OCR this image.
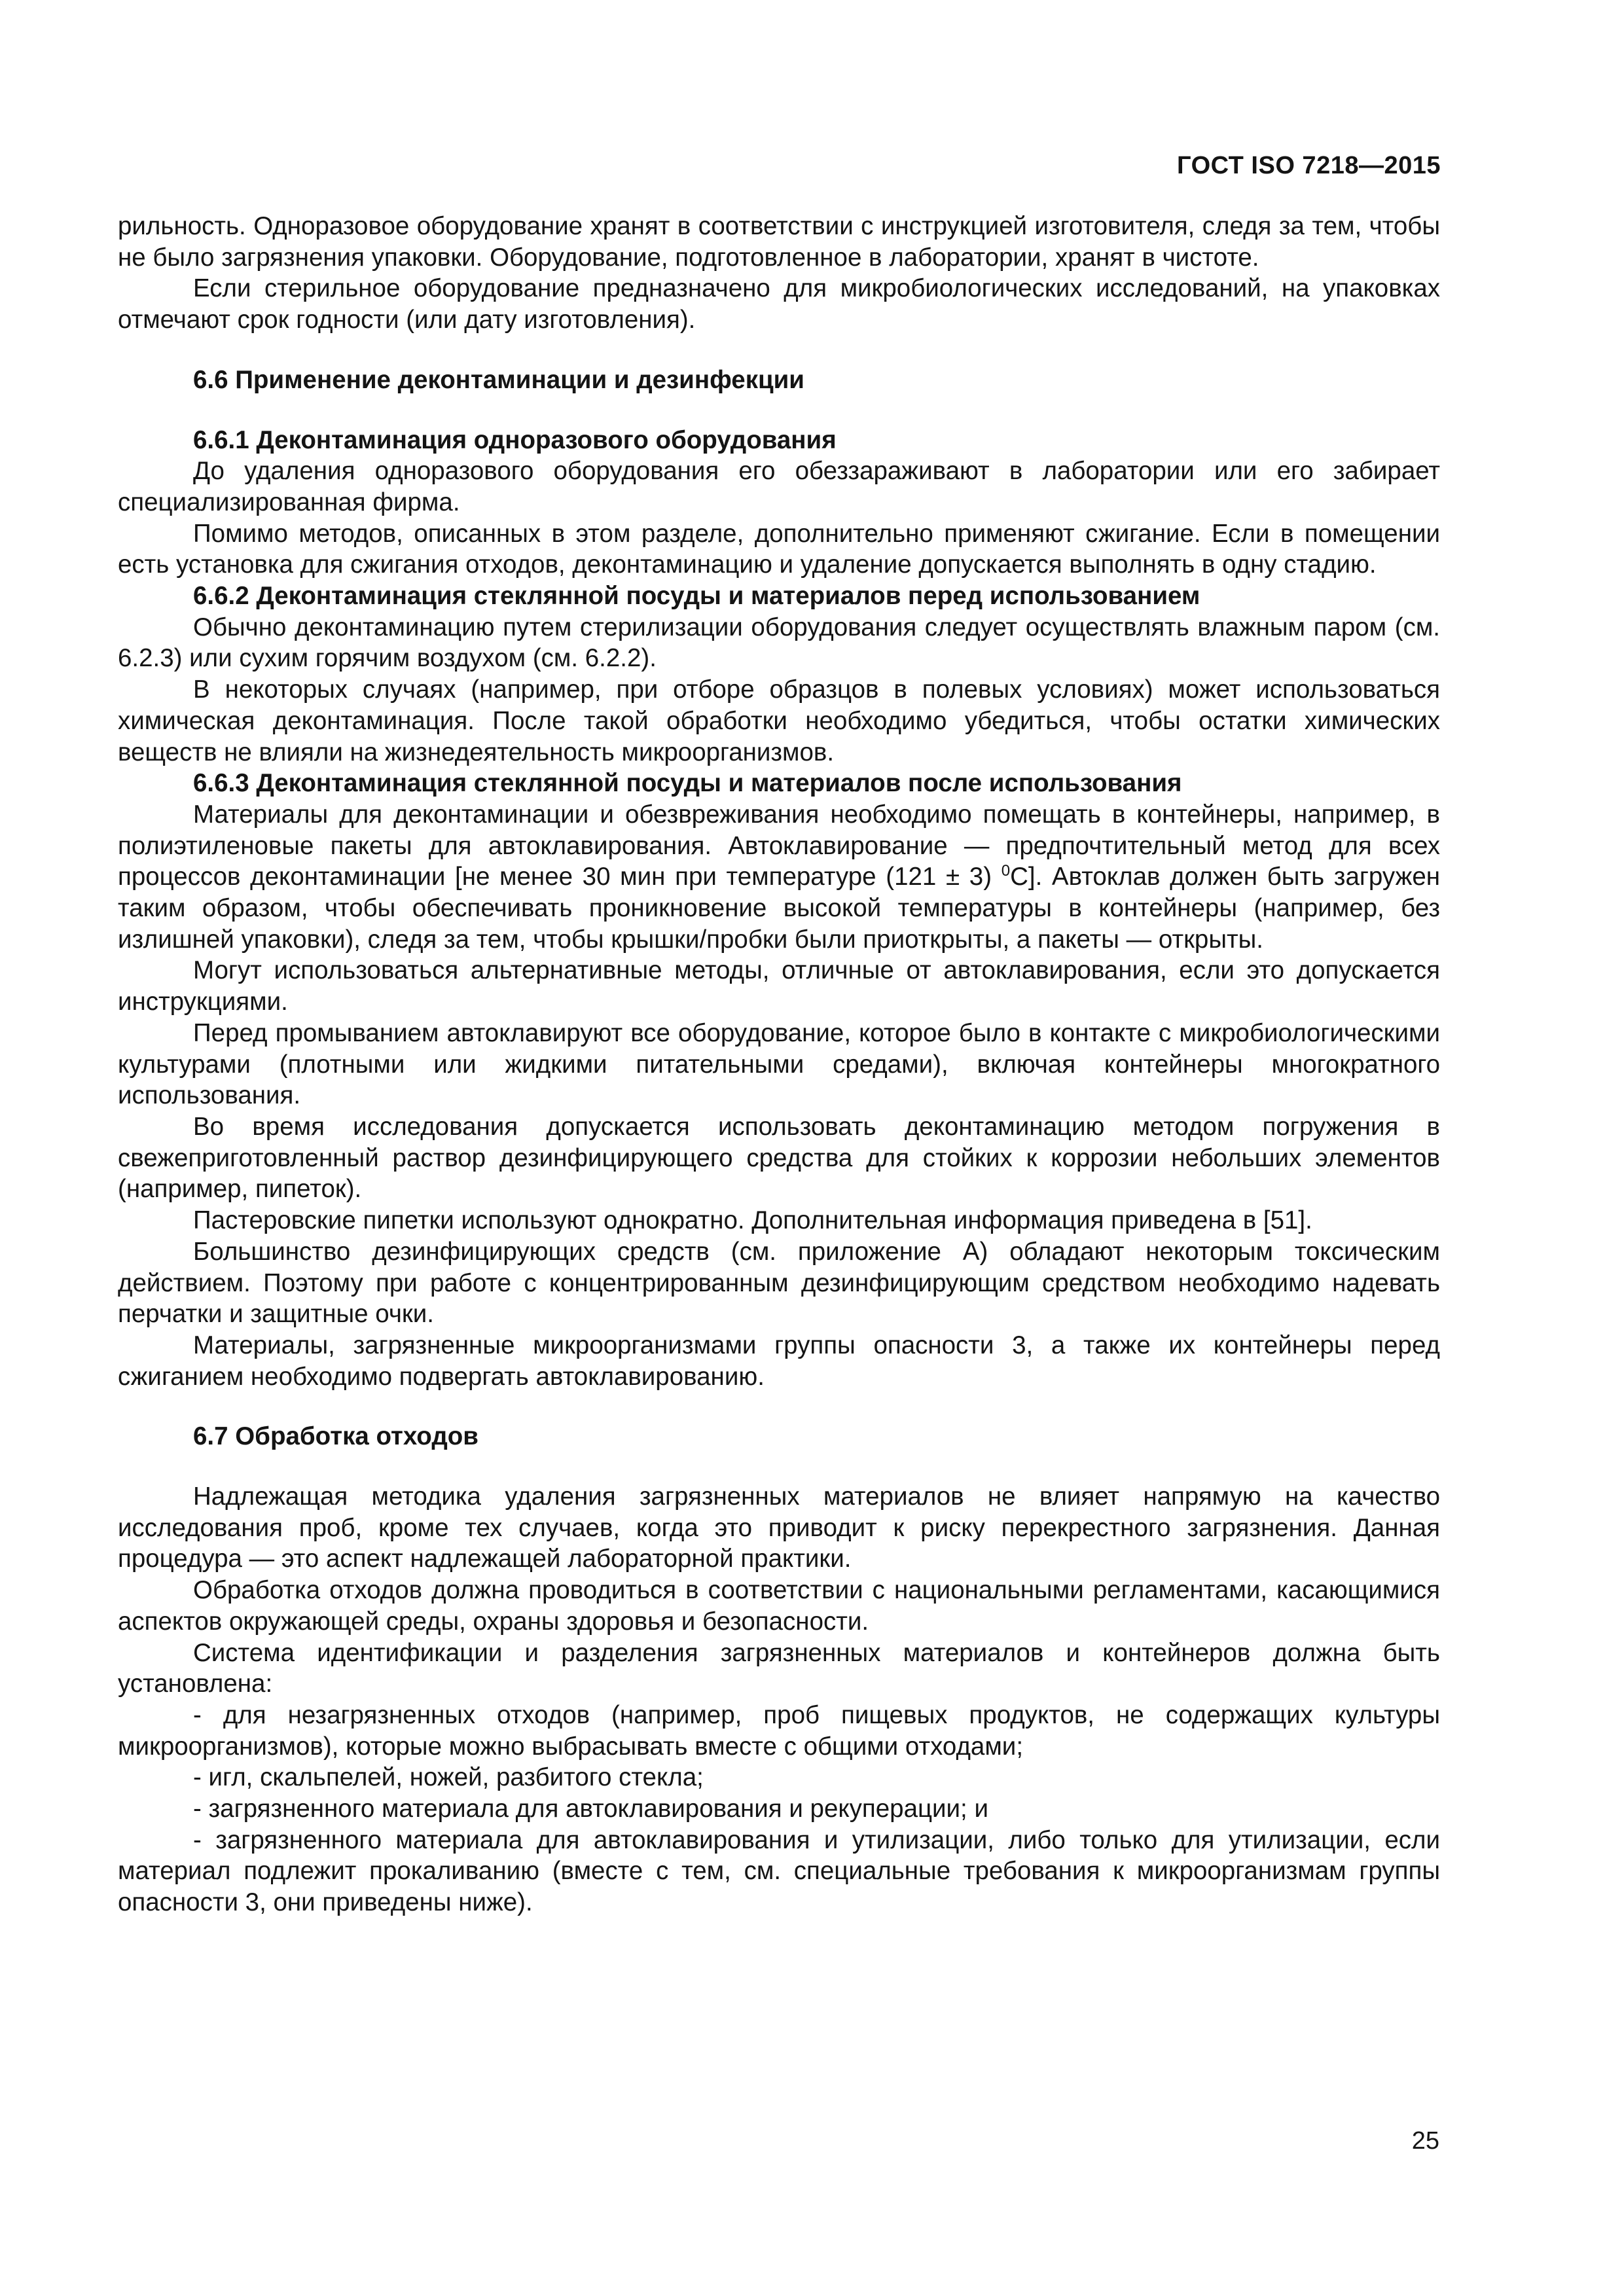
ГОСТ ISO 7218—2015

рильность. Одноразовое оборудование хранят в соответствии с инструкцией изготовителя, следя за тем, чтобы не было загрязнения упаковки. Оборудование, подготовленное в лаборатории, хранят в чистоте.

Если стерильное оборудование предназначено для микробиологических исследований, на упаковках отмечают срок годности (или дату изготовления).

6.6 Применение деконтаминации и дезинфекции

6.6.1 Деконтаминация одноразового оборудования

До удаления одноразового оборудования его обеззараживают в лаборатории или его забирает специализированная фирма.

Помимо методов, описанных в этом разделе, дополнительно применяют сжигание. Если в помещении есть установка для сжигания отходов, деконтаминацию и удаление допускается выполнять в одну стадию.

6.6.2 Деконтаминация стеклянной посуды и материалов перед использованием

Обычно деконтаминацию путем стерилизации оборудования следует осуществлять влажным паром (см. 6.2.3) или сухим горячим воздухом (см. 6.2.2).

В некоторых случаях (например, при отборе образцов в полевых условиях) может использоваться химическая деконтаминация. После такой обработки необходимо убедиться, чтобы остатки химических веществ не влияли на жизнедеятельность микроорганизмов.

6.6.3 Деконтаминация стеклянной посуды и материалов после использования

Материалы для деконтаминации и обезвреживания необходимо помещать в контейнеры, например, в полиэтиленовые пакеты для автоклавирования. Автоклавирование — предпочтительный метод для всех процессов деконтаминации [не менее 30 мин при температуре (121 ± 3) $^0$С]. Автоклав должен быть загружен таким образом, чтобы обеспечивать проникновение высокой температуры в контейнеры (например, без излишней упаковки), следя за тем, чтобы крышки/пробки были приоткрыты, а пакеты — открыты.

Могут использоваться альтернативные методы, отличные от автоклавирования, если это допускается инструкциями.

Перед промыванием автоклавируют все оборудование, которое было в контакте с микробиологическими культурами (плотными или жидкими питательными средами), включая контейнеры многократного использования.

Во время исследования допускается использовать деконтаминацию методом погружения в свежеприготовленный раствор дезинфицирующего средства для стойких к коррозии небольших элементов (например, пипеток).

Пастеровские пипетки используют однократно. Дополнительная информация приведена в [51].

Большинство дезинфицирующих средств (см. приложение А) обладают некоторым токсическим действием. Поэтому при работе с концентрированным дезинфицирующим средством необходимо надевать перчатки и защитные очки.

Материалы, загрязненные микроорганизмами группы опасности 3, а также их контейнеры перед сжиганием необходимо подвергать автоклавированию.

6.7 Обработка отходов

Надлежащая методика удаления загрязненных материалов не влияет напрямую на качество исследования проб, кроме тех случаев, когда это приводит к риску перекрестного загрязнения. Данная процедура — это аспект надлежащей лабораторной практики.

Обработка отходов должна проводиться в соответствии с национальными регламентами, касающимися аспектов окружающей среды, охраны здоровья и безопасности.

Система идентификации и разделения загрязненных материалов и контейнеров должна быть установлена:

- для незагрязненных отходов (например, проб пищевых продуктов, не содержащих культуры микроорганизмов), которые можно выбрасывать вместе с общими отходами;

- игл, скальпелей, ножей, разбитого стекла;

- загрязненного материала для автоклавирования и рекуперации; и

- загрязненного материала для автоклавирования и утилизации, либо только для утилизации, если материал подлежит прокаливанию (вместе с тем, см. специальные требования к микроорганизмам группы опасности 3, они приведены ниже).

25
